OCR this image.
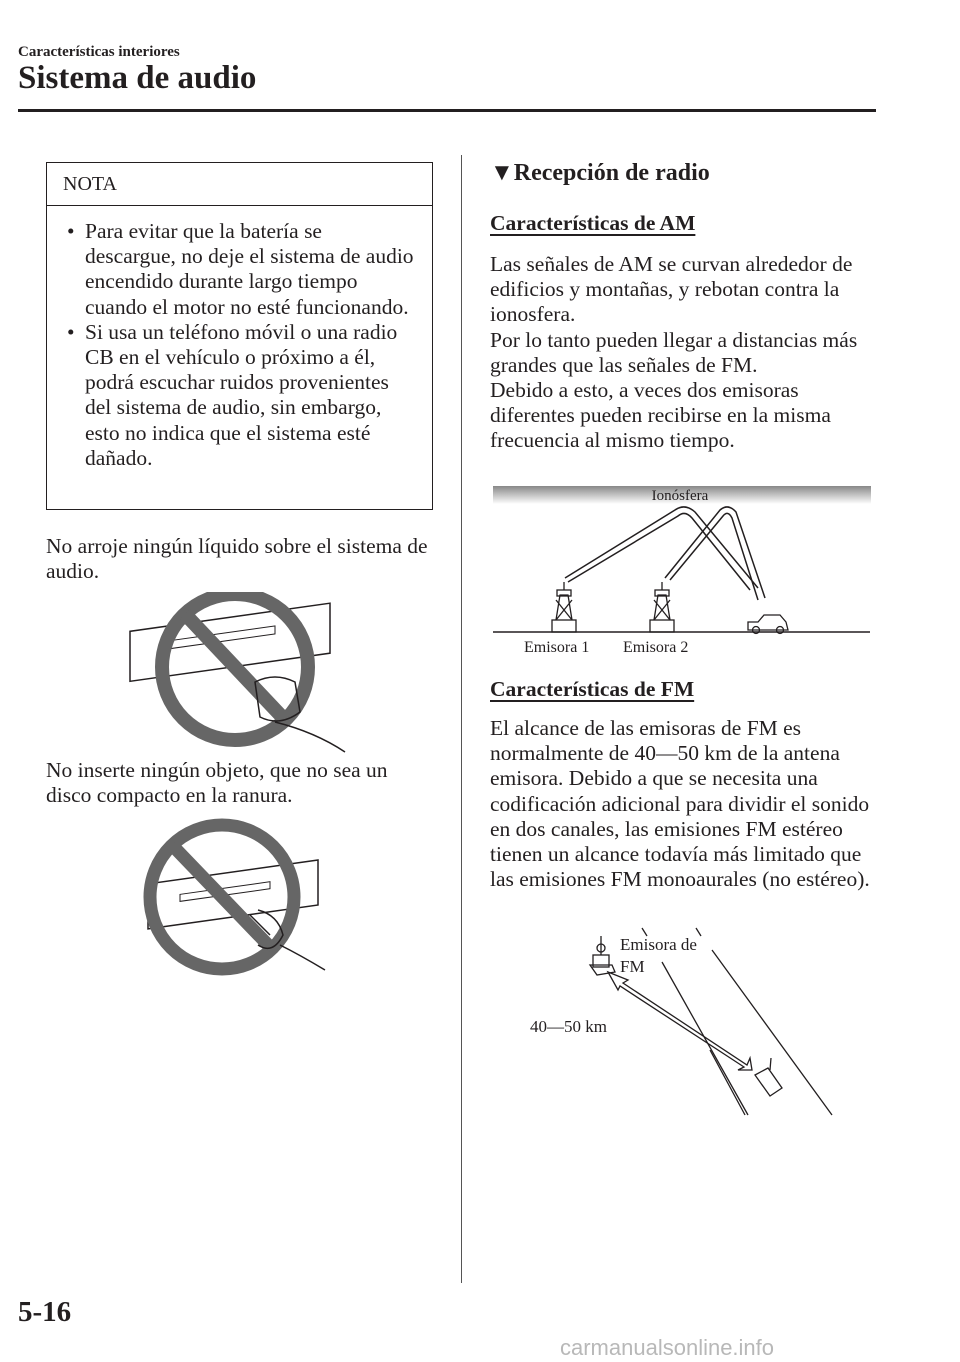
Características interiores
Sistema de audio
NOTA
• Para evitar que la batería se descargue, no deje el sistema de audio encendido durante largo tiempo cuando el motor no esté funcionando.
• Si usa un teléfono móvil o una radio CB en el vehículo o próximo a él, podrá escuchar ruidos provenientes del sistema de audio, sin embargo, esto no indica que el sistema esté dañado.
No arroje ningún líquido sobre el sistema de audio.
No inserte ningún objeto, que no sea un disco compacto en la ranura.
▼Recepción de radio
Características de AM
Las señales de AM se curvan alrededor de edificios y montañas, y rebotan contra la ionosfera.
Por lo tanto pueden llegar a distancias más grandes que las señales de FM.
Debido a esto, a veces dos emisoras diferentes pueden recibirse en la misma frecuencia al mismo tiempo.
Ionósfera
Emisora 1 Emisora 2
Características de FM
El alcance de las emisoras de FM es normalmente de 40—50 km de la antena emisora. Debido a que se necesita una codificación adicional para dividir el sonido en dos canales, las emisiones FM estéreo tienen un alcance todavía más limitado que las emisiones FM monoaurales (no estéreo).
Emisora de
FM
40—50 km
5-16
carmanualsonline.info
